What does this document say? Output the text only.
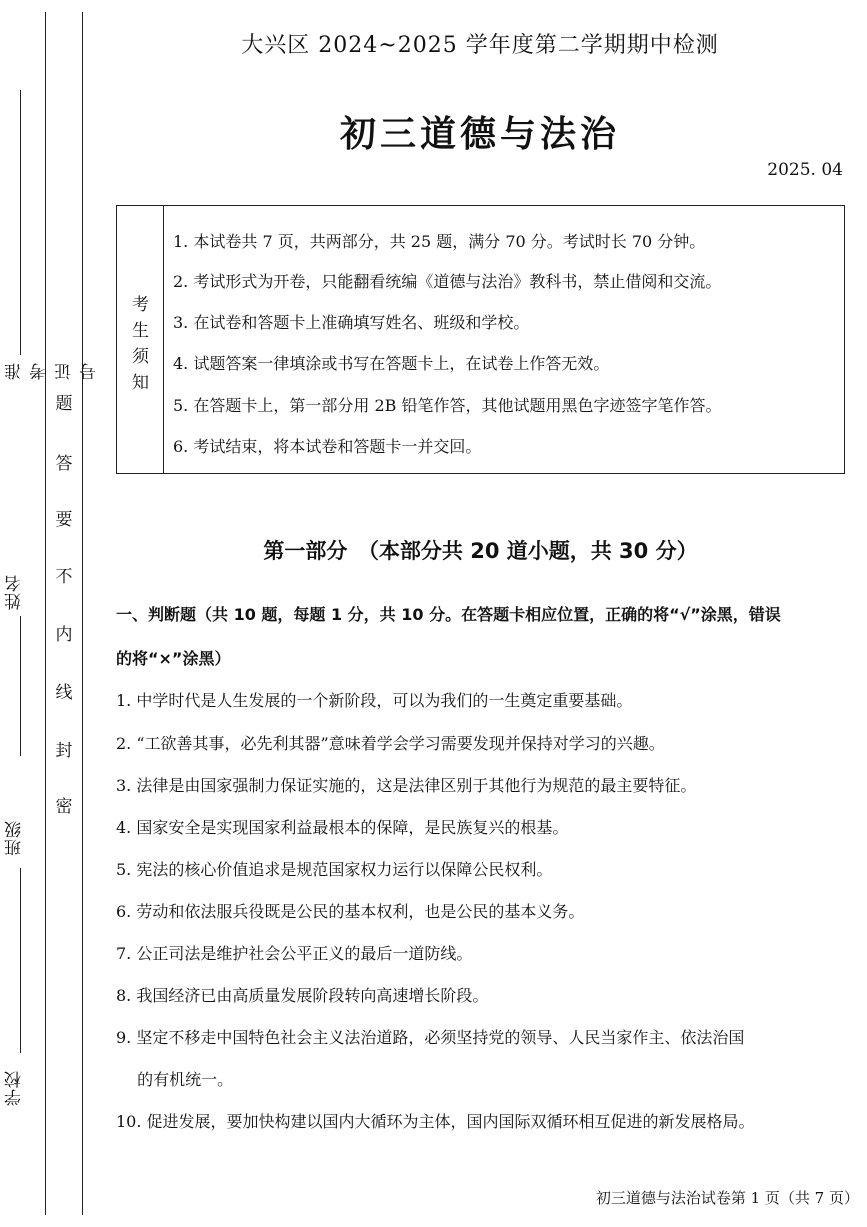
准考证号
姓名
班级
学校
题
答
要
不
内
线
封
密
大兴区 2024~2025 学年度第二学期期中检测
初三道德与法治
2025. 04
考
生
须
知
1. 本试卷共 7 页，共两部分，共 25 题，满分 70 分。考试时长 70 分钟。
2. 考试形式为开卷，只能翻看统编《道德与法治》教科书，禁止借阅和交流。
3. 在试卷和答题卡上准确填写姓名、班级和学校。
4. 试题答案一律填涂或书写在答题卡上，在试卷上作答无效。
5. 在答题卡上，第一部分用 2B 铅笔作答，其他试题用黑色字迹签字笔作答。
6. 考试结束，将本试卷和答题卡一并交回。
第一部分　（本部分共 20 道小题，共 30 分）
一、判断题（共 10 题，每题 1 分，共 10 分。在答题卡相应位置，正确的将“√”涂黑，错误
的将“×”涂黑）
1. 中学时代是人生发展的一个新阶段，可以为我们的一生奠定重要基础。
2. “工欲善其事，必先利其器”意味着学会学习需要发现并保持对学习的兴趣。
3. 法律是由国家强制力保证实施的，这是法律区别于其他行为规范的最主要特征。
4. 国家安全是实现国家利益最根本的保障，是民族复兴的根基。
5. 宪法的核心价值追求是规范国家权力运行以保障公民权利。
6. 劳动和依法服兵役既是公民的基本权利，也是公民的基本义务。
7. 公正司法是维护社会公平正义的最后一道防线。
8. 我国经济已由高质量发展阶段转向高速增长阶段。
9. 坚定不移走中国特色社会主义法治道路，必须坚持党的领导、人民当家作主、依法治国
　 的有机统一。
10. 促进发展，要加快构建以国内大循环为主体，国内国际双循环相互促进的新发展格局。
初三道德与法治试卷第 1 页（共 7 页）
